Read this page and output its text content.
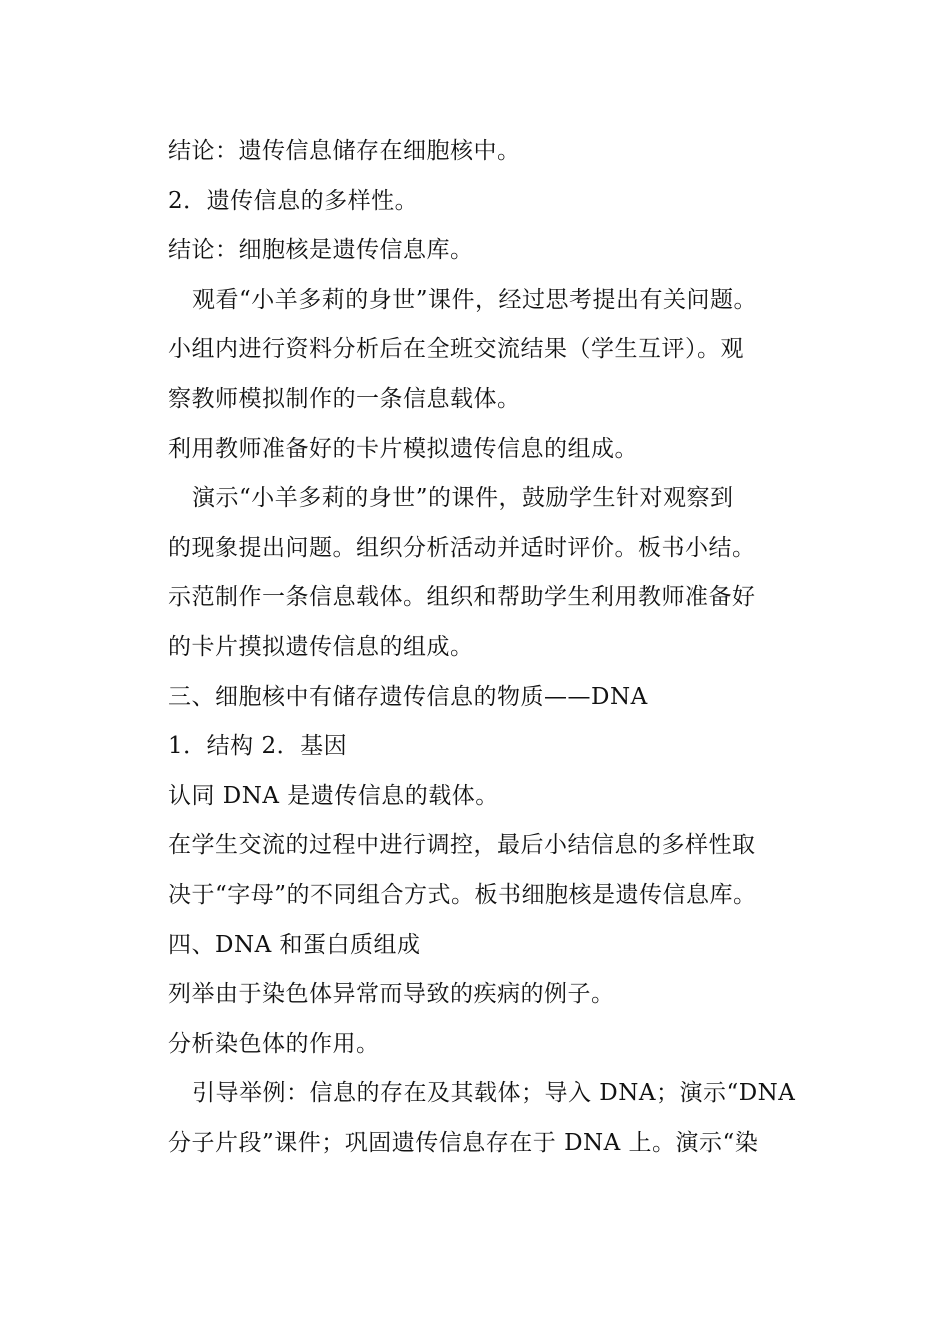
结论：遗传信息储存在细胞核中。
2．遗传信息的多样性。
结论：细胞核是遗传信息库。
观看“小羊多莉的身世”课件，经过思考提出有关问题。
小组内进行资料分析后在全班交流结果（学生互评）。观
察教师模拟制作的一条信息载体。
利用教师准备好的卡片模拟遗传信息的组成。
演示“小羊多莉的身世”的课件，鼓励学生针对观察到
的现象提出问题。组织分析活动并适时评价。板书小结。
示范制作一条信息载体。组织和帮助学生利用教师准备好
的卡片摸拟遗传信息的组成。
三、细胞核中有储存遗传信息的物质——DNA
1．结构 2．基因
认同 DNA 是遗传信息的载体。
在学生交流的过程中进行调控，最后小结信息的多样性取
决于“字母”的不同组合方式。板书细胞核是遗传信息库。
四、DNA 和蛋白质组成
列举由于染色体异常而导致的疾病的例子。
分析染色体的作用。
引导举例：信息的存在及其载体；导入 DNA；演示“DNA
分子片段”课件；巩固遗传信息存在于 DNA 上。演示“染
